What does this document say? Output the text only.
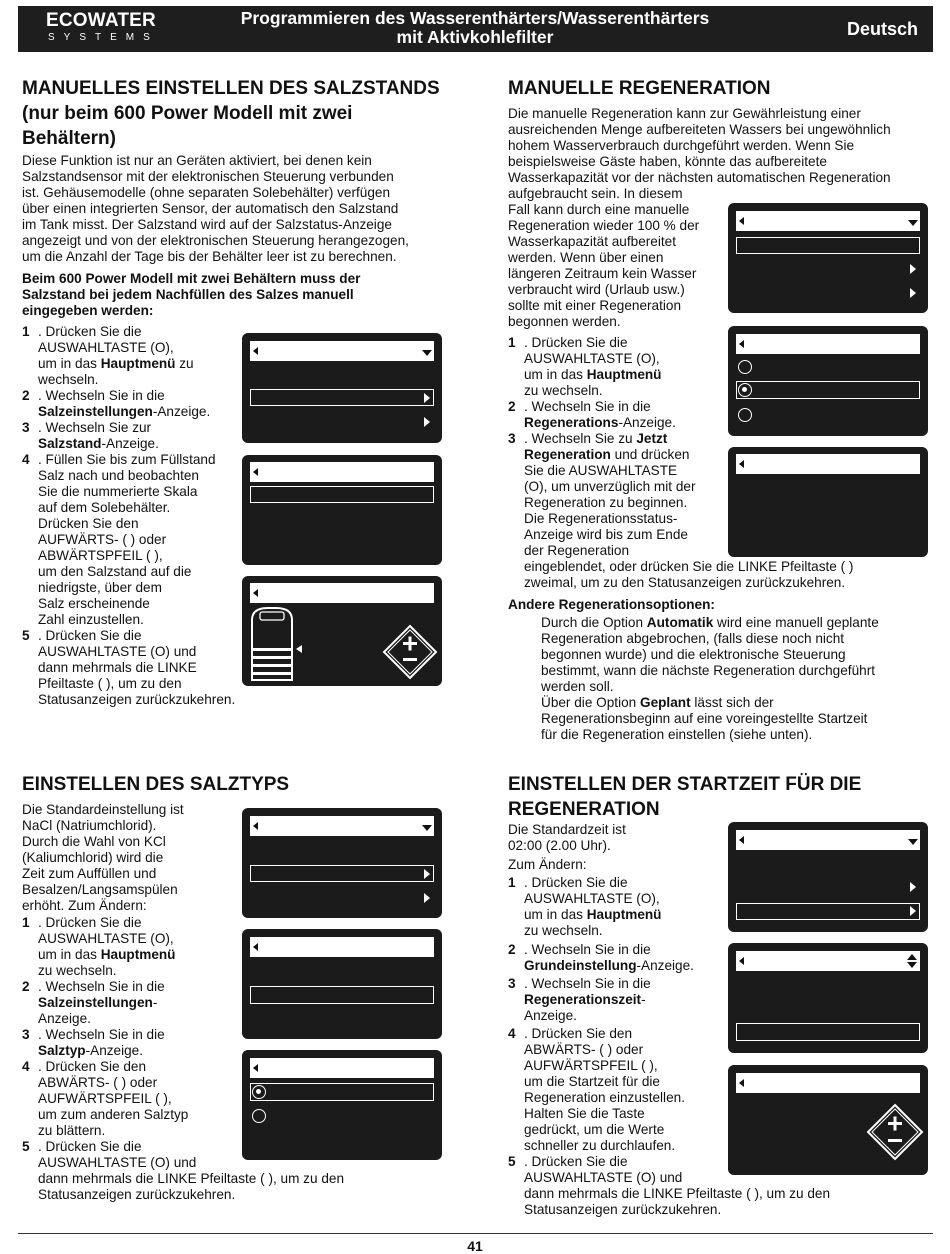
ECOWATER
SYSTEMS
Programmieren des Wasserenthärters/Wasserenthärters
mit Aktivkohlefilter	Deutsch
MANUELLES EINSTELLEN DES SALZSTANDS
(nur beim 600 Power Modell mit zwei
Behältern)
Diese Funktion ist nur an Geräten aktiviert, bei denen kein
Salzstandsensor mit der elektronischen Steuerung verbunden
ist. Gehäusemodelle (ohne separaten Solebehälter) verfügen
über einen integrierten Sensor, der automatisch den Salzstand
im Tank misst. Der Salzstand wird auf der Salzstatus-Anzeige
angezeigt und von der elektronischen Steuerung herangezogen,
um die Anzahl der Tage bis der Behälter leer ist zu berechnen.
Beim 600 Power Modell mit zwei Behältern muss der
Salzstand bei jedem Nachfüllen des Salzes manuell
eingegeben werden:
1 . Drücken Sie die
AUSWAHLTASTE (O),
um in das Hauptmenü zu
wechseln.
2 . Wechseln Sie in die
Salzeinstellungen-Anzeige.
3 . Wechseln Sie zur
Salzstand-Anzeige.
4 . Füllen Sie bis zum Füllstand
Salz nach und beobachten
Sie die nummerierte Skala
auf dem Solebehälter.
Drücken Sie den
AUFWÄRTS- ( ) oder
ABWÄRTSPFEIL ( ),
um den Salzstand auf die
niedrigste, über dem
Salz erscheinende
Zahl einzustellen.
5 . Drücken Sie die
AUSWAHLTASTE (O) und
dann mehrmals die LINKE
Pfeiltaste ( ), um zu den
Statusanzeigen zurückzukehren.
MANUELLE REGENERATION
Die manuelle Regeneration kann zur Gewährleistung einer
ausreichenden Menge aufbereiteten Wassers bei ungewöhnlich
hohem Wasserverbrauch durchgeführt werden. Wenn Sie
beispielsweise Gäste haben, könnte das aufbereitete
Wasserkapazität vor der nächsten automatischen Regeneration
aufgebraucht sein. In diesem
Fall kann durch eine manuelle
Regeneration wieder 100 % der
Wasserkapazität aufbereitet
werden. Wenn über einen
längeren Zeitraum kein Wasser
verbraucht wird (Urlaub usw.)
sollte mit einer Regeneration
begonnen werden.
1 . Drücken Sie die
AUSWAHLTASTE (O),
um in das Hauptmenü
zu wechseln.
2 . Wechseln Sie in die
Regenerations-Anzeige.
3 . Wechseln Sie zu Jetzt
Regeneration und drücken
Sie die AUSWAHLTASTE
(O), um unverzüglich mit der
Regeneration zu beginnen.
Die Regenerationsstatus-
Anzeige wird bis zum Ende
der Regeneration
eingeblendet, oder drücken Sie die LINKE Pfeiltaste ( )
zweimal, um zu den Statusanzeigen zurückzukehren.
Andere Regenerationsoptionen:
Durch die Option Automatik wird eine manuell geplante
Regeneration abgebrochen, (falls diese noch nicht
begonnen wurde) und die elektronische Steuerung
bestimmt, wann die nächste Regeneration durchgeführt
werden soll.
Über die Option Geplant lässt sich der
Regenerationsbeginn auf eine voreingestellte Startzeit
für die Regeneration einstellen (siehe unten).
EINSTELLEN DES SALZTYPS
Die Standardeinstellung ist
NaCl (Natriumchlorid).
Durch die Wahl von KCl
(Kaliumchlorid) wird die
Zeit zum Auffüllen und
Besalzen/Langsamspülen
erhöht. Zum Ändern:
1 . Drücken Sie die
AUSWAHLTASTE (O),
um in das Hauptmenü
zu wechseln.
2 . Wechseln Sie in die
Salzeinstellungen-
Anzeige.
3 . Wechseln Sie in die
Salztyp-Anzeige.
4 . Drücken Sie den
ABWÄRTS- ( ) oder
AUFWÄRTSPFEIL ( ),
um zum anderen Salztyp
zu blättern.
5 . Drücken Sie die
AUSWAHLTASTE (O) und
dann mehrmals die LINKE Pfeiltaste ( ), um zu den
Statusanzeigen zurückzukehren.
EINSTELLEN DER STARTZEIT FÜR DIE
REGENERATION
Die Standardzeit ist
02:00 (2.00 Uhr).
Zum Ändern:
1 . Drücken Sie die
AUSWAHLTASTE (O),
um in das Hauptmenü
zu wechseln.
2 . Wechseln Sie in die
Grundeinstellung-Anzeige.
3 . Wechseln Sie in die
Regenerationszeit-
Anzeige.
4 . Drücken Sie den
ABWÄRTS- ( ) oder
AUFWÄRTSPFEIL ( ),
um die Startzeit für die
Regeneration einzustellen.
Halten Sie die Taste
gedrückt, um die Werte
schneller zu durchlaufen.
5 . Drücken Sie die
AUSWAHLTASTE (O) und
dann mehrmals die LINKE Pfeiltaste ( ), um zu den
Statusanzeigen zurückzukehren.
41
